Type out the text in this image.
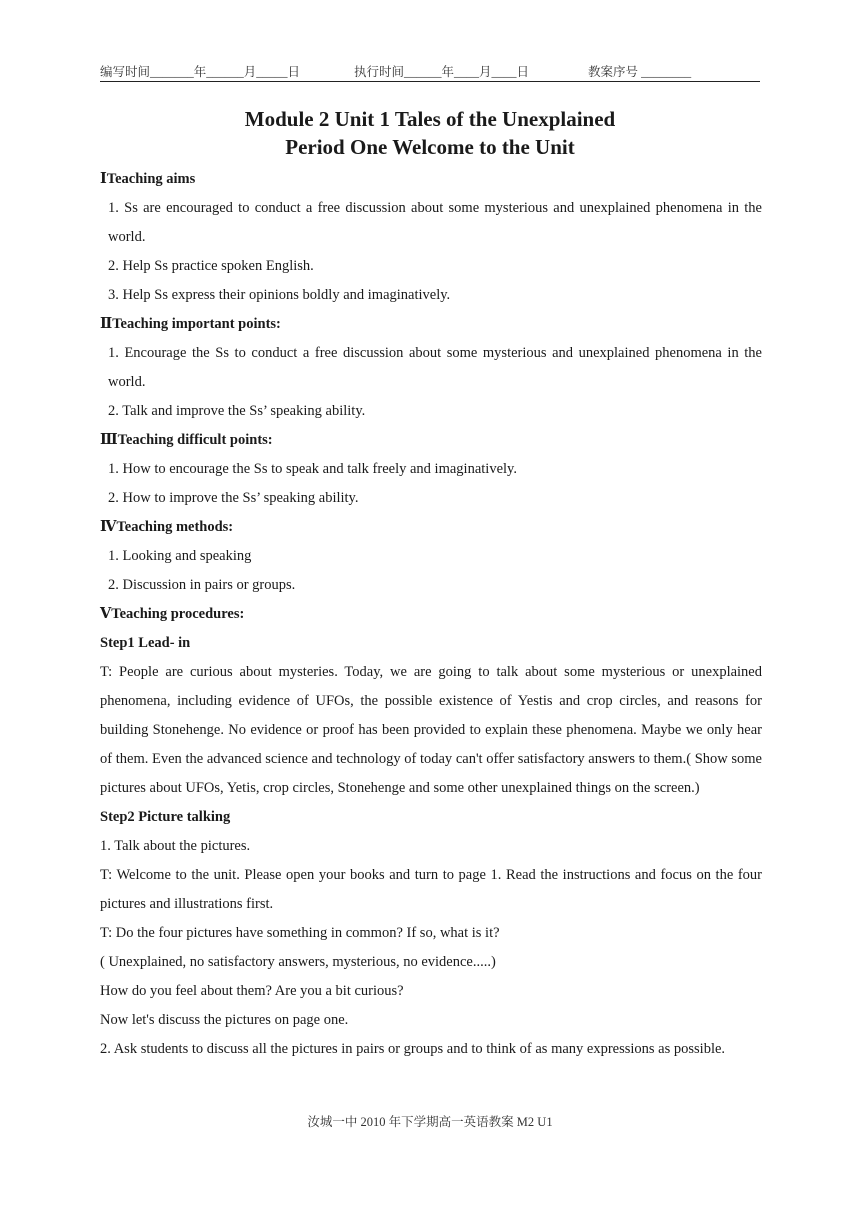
编写时间_______年______月_____日	执行时间______年____月____日	教案序号 ________
Module 2 Unit 1 Tales of the Unexplained
Period One Welcome to the Unit

ⅠTeaching aims

1. Ss are encouraged to conduct a free discussion about some mysterious and unexplained phenomena in the world.

2. Help Ss practice spoken English.

3. Help Ss express their opinions boldly and imaginatively.

ⅡTeaching important points:

1. Encourage the Ss to conduct a free discussion about some mysterious and unexplained phenomena in the world.

2. Talk and improve the Ss’ speaking ability.

ⅢTeaching difficult points:

1. How to encourage the Ss to speak and talk freely and imaginatively.

2. How to improve the Ss’ speaking ability.

ⅣTeaching methods:

1. Looking and speaking

2. Discussion in pairs or groups.

ⅤTeaching procedures:

Step1 Lead- in

T: People are curious about mysteries. Today, we are going to talk about some mysterious or unexplained phenomena, including evidence of UFOs, the possible existence of Yestis and crop circles, and reasons for building Stonehenge. No evidence or proof has been provided to explain these phenomena. Maybe we only hear of them. Even the advanced science and technology of today can't offer satisfactory answers to them.( Show some pictures about UFOs, Yetis, crop circles, Stonehenge and some other unexplained things on the screen.)

Step2 Picture talking

1. Talk about the pictures.

T: Welcome to the unit. Please open your books and turn to page 1. Read the instructions and focus on the four pictures and illustrations first.

T: Do the four pictures have something in common? If so, what is it?

( Unexplained, no satisfactory answers, mysterious, no evidence.....)

How do you feel about them? Are you a bit curious?

Now let's discuss the pictures on page one.

2. Ask students to discuss all the pictures in pairs or groups and to think of as many expressions as possible.

汝城一中 2010 年下学期高一英语教案 M2 U1
